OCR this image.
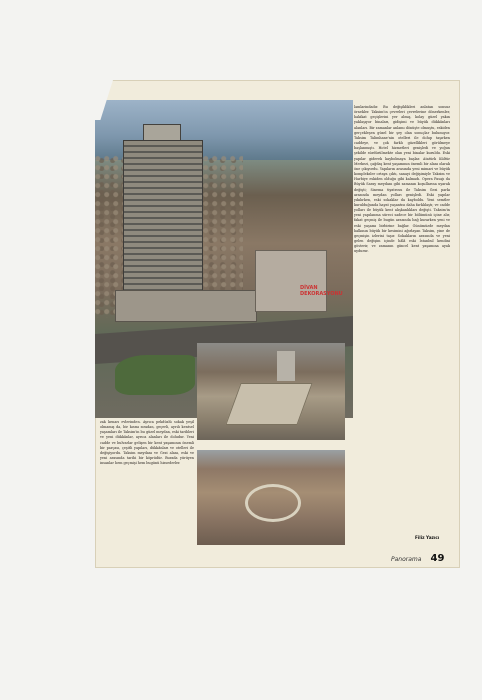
DİVAN DEKORASYONU
lamlarindadır. Bu değişiklikleri anlatan sonsuz örnekler. Taksim'in çevreleri çevrelerine dönerkenler, hakikat geçişlerini yer almış, kolay güzel yakın yaklaşıyor binaları, gidişimi ve büyük dükkânları alanları. Bir zamanlar anlamı dönüşte olmuştu, eskiden gerçekleşen güzel bir şey olan sonuçlar bulunuyor. Taksim Talimhane'nin otelleri ile dolup taşırken caddeye, ve çok farklı güzellikleri görülmeye başlanmıştı. Hotel hizmetleri genişledi ve yoğun şekilde sürdürülmekte olan yeni binalar kuruldu. Eski yapılar giderek kaybolmaya başlar. Atatürk Kültür Merkezi, çağdaş kent yaşamının önemli bir alanı olarak öne çıkıyordu. Yapıların arasında yeni mimari ve büyük kompleksler ortaya çıktı, sanayi değişimiyle Taksim ve Harbiye eskiden olduğu gibi kalmadı. Opera Pasajı da Büyük Saray meydanı gibi zamanın koşullarına uyarak değişti; Sinema tiyatrosu ile Taksim Gezi parkı arasında meydan yolları genişledi. Eski yapılar yıkılırken, eski sokaklar da kayboldu. Yeni semtler kurulduğunda hayat yaşantısı daha farklılaştı; ve cadde yolları ile büyük kent alışkanlıkları değişti. Taksim'in yeni yapılanma süreci sadece bir bölümünü içine alır, fakat geçmiş ile bugün arasında bağ kurarken yeni ve eski yaşamı birbirine bağlar. Günümüzde meydan halkının büyük bir kesimini ağırlayan Taksim, yine de geçmişin izlerini taşır. Sokakların arasında ve yeni gelen değişim içinde hâlâ eski İstanbul kendini gösterir, ve zamanın güncel kent yaşamına ayak uydurur.
zak kenarı evlerinden. Ayrıca pekdüzlü sokak yeşil olmamış da, bir kısmı sıradan, geçerli, ayrılı kentsel yaşamları ile Taksim'in bu güzel meydan, eski tarihleri ve yeni dükkânlar, ayrıca alanları ile doludur. Yeni cadde ve bulvarlar gelişen bir kent yaşamının önemli bir parçası, çeşitli yapıları, dükkânları ve otelleri ile değişiyordu. Taksim meydanı ve Gezi alanı, eski ve yeni arasında tarihi bir köprüdür. Burada yürüyen insanlar hem geçmişi hem bugünü hissederler.
Filiz Yazıcı
Panorama 49
